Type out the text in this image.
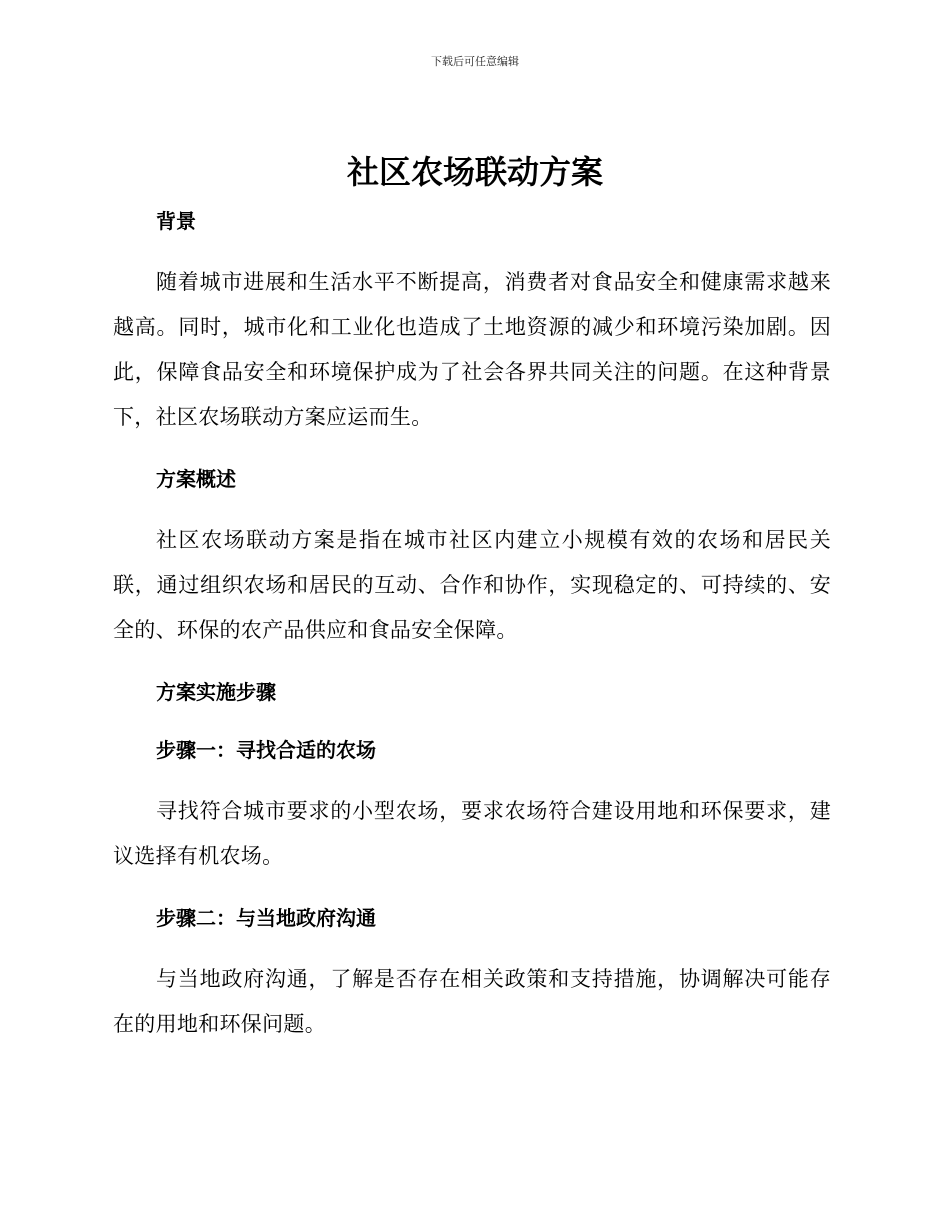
下载后可任意编辑
社区农场联动方案
背景

随着城市进展和生活水平不断提高，消费者对食品安全和健康需求越来越高。同时，城市化和工业化也造成了土地资源的减少和环境污染加剧。因此，保障食品安全和环境保护成为了社会各界共同关注的问题。在这种背景下，社区农场联动方案应运而生。

方案概述

社区农场联动方案是指在城市社区内建立小规模有效的农场和居民关联，通过组织农场和居民的互动、合作和协作，实现稳定的、可持续的、安全的、环保的农产品供应和食品安全保障。

方案实施步骤
步骤一：寻找合适的农场

寻找符合城市要求的小型农场，要求农场符合建设用地和环保要求，建议选择有机农场。

步骤二：与当地政府沟通

与当地政府沟通，了解是否存在相关政策和支持措施，协调解决可能存在的用地和环保问题。
